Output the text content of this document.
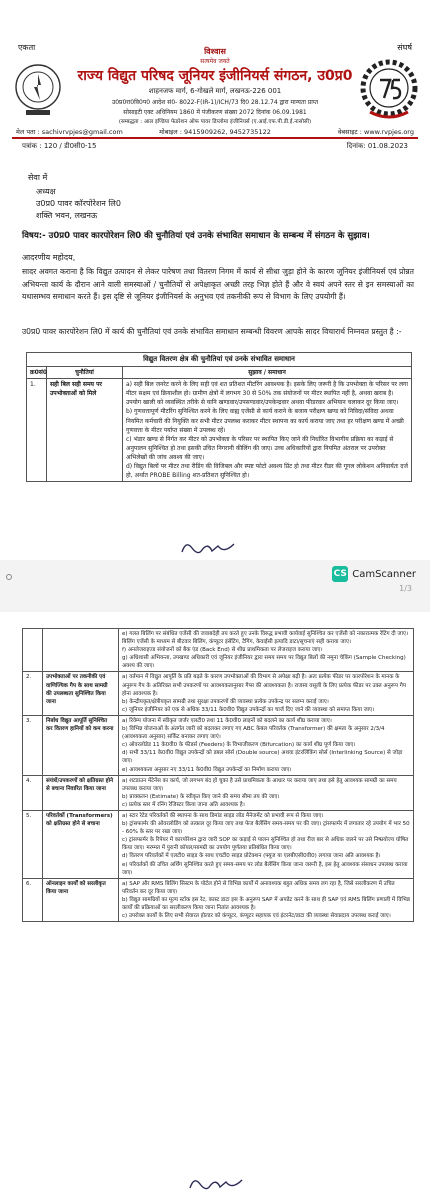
एकता	संघर्ष
विश्वास
सत्यमेव जयते
राज्य विद्युत परिषद जूनियर इंजीनियर्स संगठन, उ0प्र0
शाहनजफ मार्ग, 6-गोखले मार्ग, लखनऊ-226 001
उ0प्र0रा0वि0प0 आदेश सं0- 8022-F(IR-1)/ICH/73 दि0 28.12.74 द्वारा मान्यता प्राप्त
सोसाइटी एक्ट अधिनियम 1860 में पंजीकरण संख्या 2072 दिनांक 06.09.1981
(सम्बद्धता : आल इण्डिया फेडरेशन ऑफ पावर डिप्लोमा इंजीनियर्स (ए.आई.एफ.पी.डी.ई.नासोसी)
मेल पता : sachivrvpjes@gmail.com	मोबाइल : 9415909262, 9452735122	वेबसाइट : www.rvpjes.org
पत्रांक : 120 / डी0सी0-15	दिनांक: 01.08.2023
सेवा में
अध्यक्ष
उ0प्र0 पावर कॉरपोरेशन लि0
शक्ति भवन, लखनऊ
विषय:- उ0प्र0 पावर कारपोरेशन लि0 की चुनौतियां एवं उनके संभावित समाधान के सम्बन्ध में संगठन के सुझाव।
आदरणीय महोदय,
सादर अवगत कराना है कि विद्युत उत्पादन से लेकर पारेषण तथा वितरण निगम में कार्य से सीधा जुड़ा होने के कारण जूनियर इंजीनियर्स एवं प्रोन्नत अभियन्ता कार्य के दौरान आने वाली समस्याओं / चुनौतियों से अपेक्षाकृत अच्छी तरह भिज्ञ होते हैं और वे स्वयं अपने स्तर से इन समस्याओं का यथासम्भव समाधान करते हैं। इस दृष्टि से जूनियर इंजीनियर्स के अनुभव एवं तकनीकी रूप से विभाग के लिए उपयोगी हैं।
उ0प्र0 पावर कारपोरेशन लि0 में कार्य की चुनौतियां एवं उनके संभावित समाधान सम्बन्धी विवरण आपके सादर विचारार्थ निम्नवत प्रस्तुत है :-
विद्युत वितरण क्षेत्र की चुनौतियां एवं उनके संभावित समाधान		
क्र0सं0	चुनौतियां	सुझाव / समाधान
1.	सही बिल सही समय पर उपभोक्ताओं को मिले	a) सही बिल जनरेट करने के लिए सही एवं शत प्रतिशत मीटरिंग आवश्यक है। इसके लिए जरूरी है कि उपभोक्ता के परिसर पर लगा मीटर सक्षम एवं क्रियाशील हो। ग्रामीण क्षेत्रों में लगभग 30 से 50% तक संयोजनों पर मीटर स्थापित नहीं है, अथवा खराब है। उपयोग खाली को व्यवस्थित तरीके से यानि खण्डवार/उपसण्डवार/उपकेन्द्रवार अथवा फीडरवार अभियान चलाकर दूर किया जाए।
b) गुणवत्तापूर्ण मीटरिंग सुनिश्चित करने के लिए वाह्य एजेंसी से कार्य कराने के बजाय परीक्षण खण्ड को निविदा/संविदा अथवा नियमित कर्मचारी की नियुक्ति कर सभी मीटर उपलब्ध कराकर मीटर स्थापना का कार्य कराया जाए तथा हर परीक्षण खण्ड में अच्छी गुणवत्ता के मीटर पर्याप्त संख्या में उपलब्ध रहें।
c) भंडार खण्ड से निर्गत कर मीटर को उपभोक्ता के परिसर पर स्थापित किए जाने की निर्धारित विभागीय प्रक्रिया का कड़ाई से अनुपालन सुनिश्चित हो तथा इसकी उचित निगरानी कीलिंग की जाए। उच्च अधिकारियों द्वारा नियमित अंतराल पर उपरोक्त अभिलेखों की जांच अवश्य की जाए।
d) विद्युत बिलों पर मीटर तथा रीडिंग की विजिबल और स्पष्ट फोटो अवश्य प्रिंट हो तथा मीटर रीडर की गूगल लोकेशन अनिवार्यतः दर्ज हो, अर्थात PROBE Billing शत-प्रतिशत सुनिश्चित हो।
CS CamScanner
1/3

		e) गलत बिलिंग पर संबंधित एजेंसी की जवाबदेही तय करते हुए उनके विरुद्ध प्रभावी कार्यवाई सुनिश्चित कर एजेंसी को नकारात्मक रेटिंग दी जाए। बिलिंग एजेंसी के माध्यम से बीटवार बिलिंग, कंप्यूटर इंसेंटिंग, टैगिंग, केवाईसी इत्यादि डाटा/सूचनाएं सही कराया जाए।
f) अनलेजराइज्ड संयोजनों को बैक एंड (Back End) से शीघ्र प्राथमिकता पर लेजराइज कराया जाए।
g) अधिशासी अभियन्ता, उपखण्ड अधिकारी एवं जूनियर इंजीनियर द्वारा समय समय पर विद्युत बिलों की नमूना चेकिंग (Sample Checking) अवश्य की जाए।

2.	उपभोक्ताओं पर तकनीकी एवं वाणिज्यिक गैप के साथ सामग्री की उपलब्धता सुनिश्चित किया जाना	a) वर्तमान में विद्युत आपूर्ति के प्रति बढ़ते के कारण उपभोक्ताओं की विभाग से अपेक्षा बढ़ी है। अतः प्रत्येक फीडर पर कारपोरेशन के मानक के अनुरूप गैप के अतिरिक्त सभी उपकरणों पर आवश्यकतानुसार गैप्स की आवश्यकता है। राजस्व वसूली के लिए प्रत्येक फीडर पर उक्त अनुरूप गैप होना आवश्यक है।
b) केन्द्रीयकृत/क्षेत्रीयकृत सामग्री तथा सुरक्षा उपकरणों की व्यवस्था प्रत्येक उपकेन्द्र पर सलग्न कराई जाए।
c) जूनियर इंजीनियर को एक से अधिक 33/11 के0वी0 विद्युत उपकेन्द्रों का चार्ज दिए जाने की व्यवस्था को समाप्त किया जाए।

3.	निर्बाध विद्युत आपूर्ति सुनिश्चित कर वितरण हानियों को कम करना	a) रिवेम्प योजना में स्वीकृत जर्जर एलटी0 तथा 11 के0वी0 लाइनों को बदलने का कार्य शीघ्र कराया जाए।
b) विभिन्न योजनाओं के अंतर्गत जारी को बदलकर लगाए गए ABC केबल परिवर्तक (Transformer) की क्षमता के अनुसार 2/3/4 (आवश्यकता अनुसार) सर्किट बनाकर लगाए जाएं।
c) ओवरलोडेड 11 के0वी0 के फीडर्स (Feeders) के विभाजीकरण (Bifurcation) का कार्य शीघ्र पूर्ण किया जाए।
d) सभी 33/11 के0वी0 विद्युत उपकेन्द्रों को डबल सोर्स (Double source) अथवा इंटरलिंकिंग सोर्स (Interlinking Source) से जोड़ा जाए।
e) आवश्यकता अनुसार नए 33/11 के0वी0 विद्युत उपकेन्द्रों का निर्माण कराया जाए।

4.	संयंत्रों/उपकरणों को क्षतिग्रस्त होने से बचाना निवारित किया जाना	a) शटडाउन मेंटेनेंस का कार्य, जो लगभग बंद हो चुका है उसे प्राथमिकता के आधार पर कराया जाए तथा इसे हेतु आवश्यक सामग्री का समय उपलब्ध कराया जाए।
b) प्राक्कलन (Estimate) के स्वीकृत किए जाने की समय सीमा तय की जाए।
c) प्रत्येक स्तर में रनिंग रेजिस्टर किया जाना अति आवश्यक है।

5.	परिवर्तकों (Transformers) को क्षतिग्रस्त होने से बचाना	a) स्टार रेटेड परिवर्तकों की स्थापना के साथ डिमांड साइड लोड मैनेजमेंट को प्रभावी रूप से किया जाए।
b) ट्रांसफार्मर की ओवरलोडिंग को तत्काल दूर किया जाए तथा फेज बैलेंसिंग समय-समय पर की जाए। ट्रांसफार्मर में लगातार रहे उपयोग में भार 50 - 60% के स्तर पर रखा जाए।
c) ट्रांसफार्मर के रिपेयर में कारपोरेशन द्वारा जारी SOP का कड़ाई से पालन सुनिश्चित हो तथा रीज बार से अधिक जलने पर उसे निष्प्रयोज्य घोषित किया जाए। मरम्मत में पुरानी कॉयल/सामग्री का उपयोग पूर्णतया प्रतिबंधित किया जाए।
d) वितरण परिवर्तकों में एलटी0 साइड के साथ एचटी0 साइड प्रोटेक्शन (फ्यूज या एलबीएसी0वी0) लगाया जाना अति आवश्यक है।
e) परिवर्तकों की उचित अर्थिंग सुनिश्चित करते हुए समय-समय पर लोड बैलेंसिंग किया जाना जरूरी है, इस हेतु आवश्यक संसाधन उपलब्ध कराया जाए।

6.	ऑनलाइन कार्यों को सरलीकृत किया जाना	a) SAP और RMS बिलिंग सिस्टम के पोर्टल होने से विभिन्न कार्यों में अनावश्यक बहुत अधिक समय लग रहा है, जिसे सरलीकरण में उचित परिवर्तन कर दूर किया जाए।
b) विद्युत सामग्रियों का मूल्य स्टॉक इस रेट, कास्ट डाटा इस के अनुरूप SAP में अपडेट करने के साथ ही SAP एवं RMS बिलिंग प्रणाली में विभिन्न कार्यों की प्रक्रियाओं का सरलीकरण किया जाना नितांत आवश्यक है।
c) उपरोक्त कार्यों के लिए सभी सेवारत होल्डर को कंप्यूटर, कंप्यूटर सहायक एवं इंटरनेट/डाटा की व्यवस्था सेवाप्रदाय उपलब्ध कराई जाए।
